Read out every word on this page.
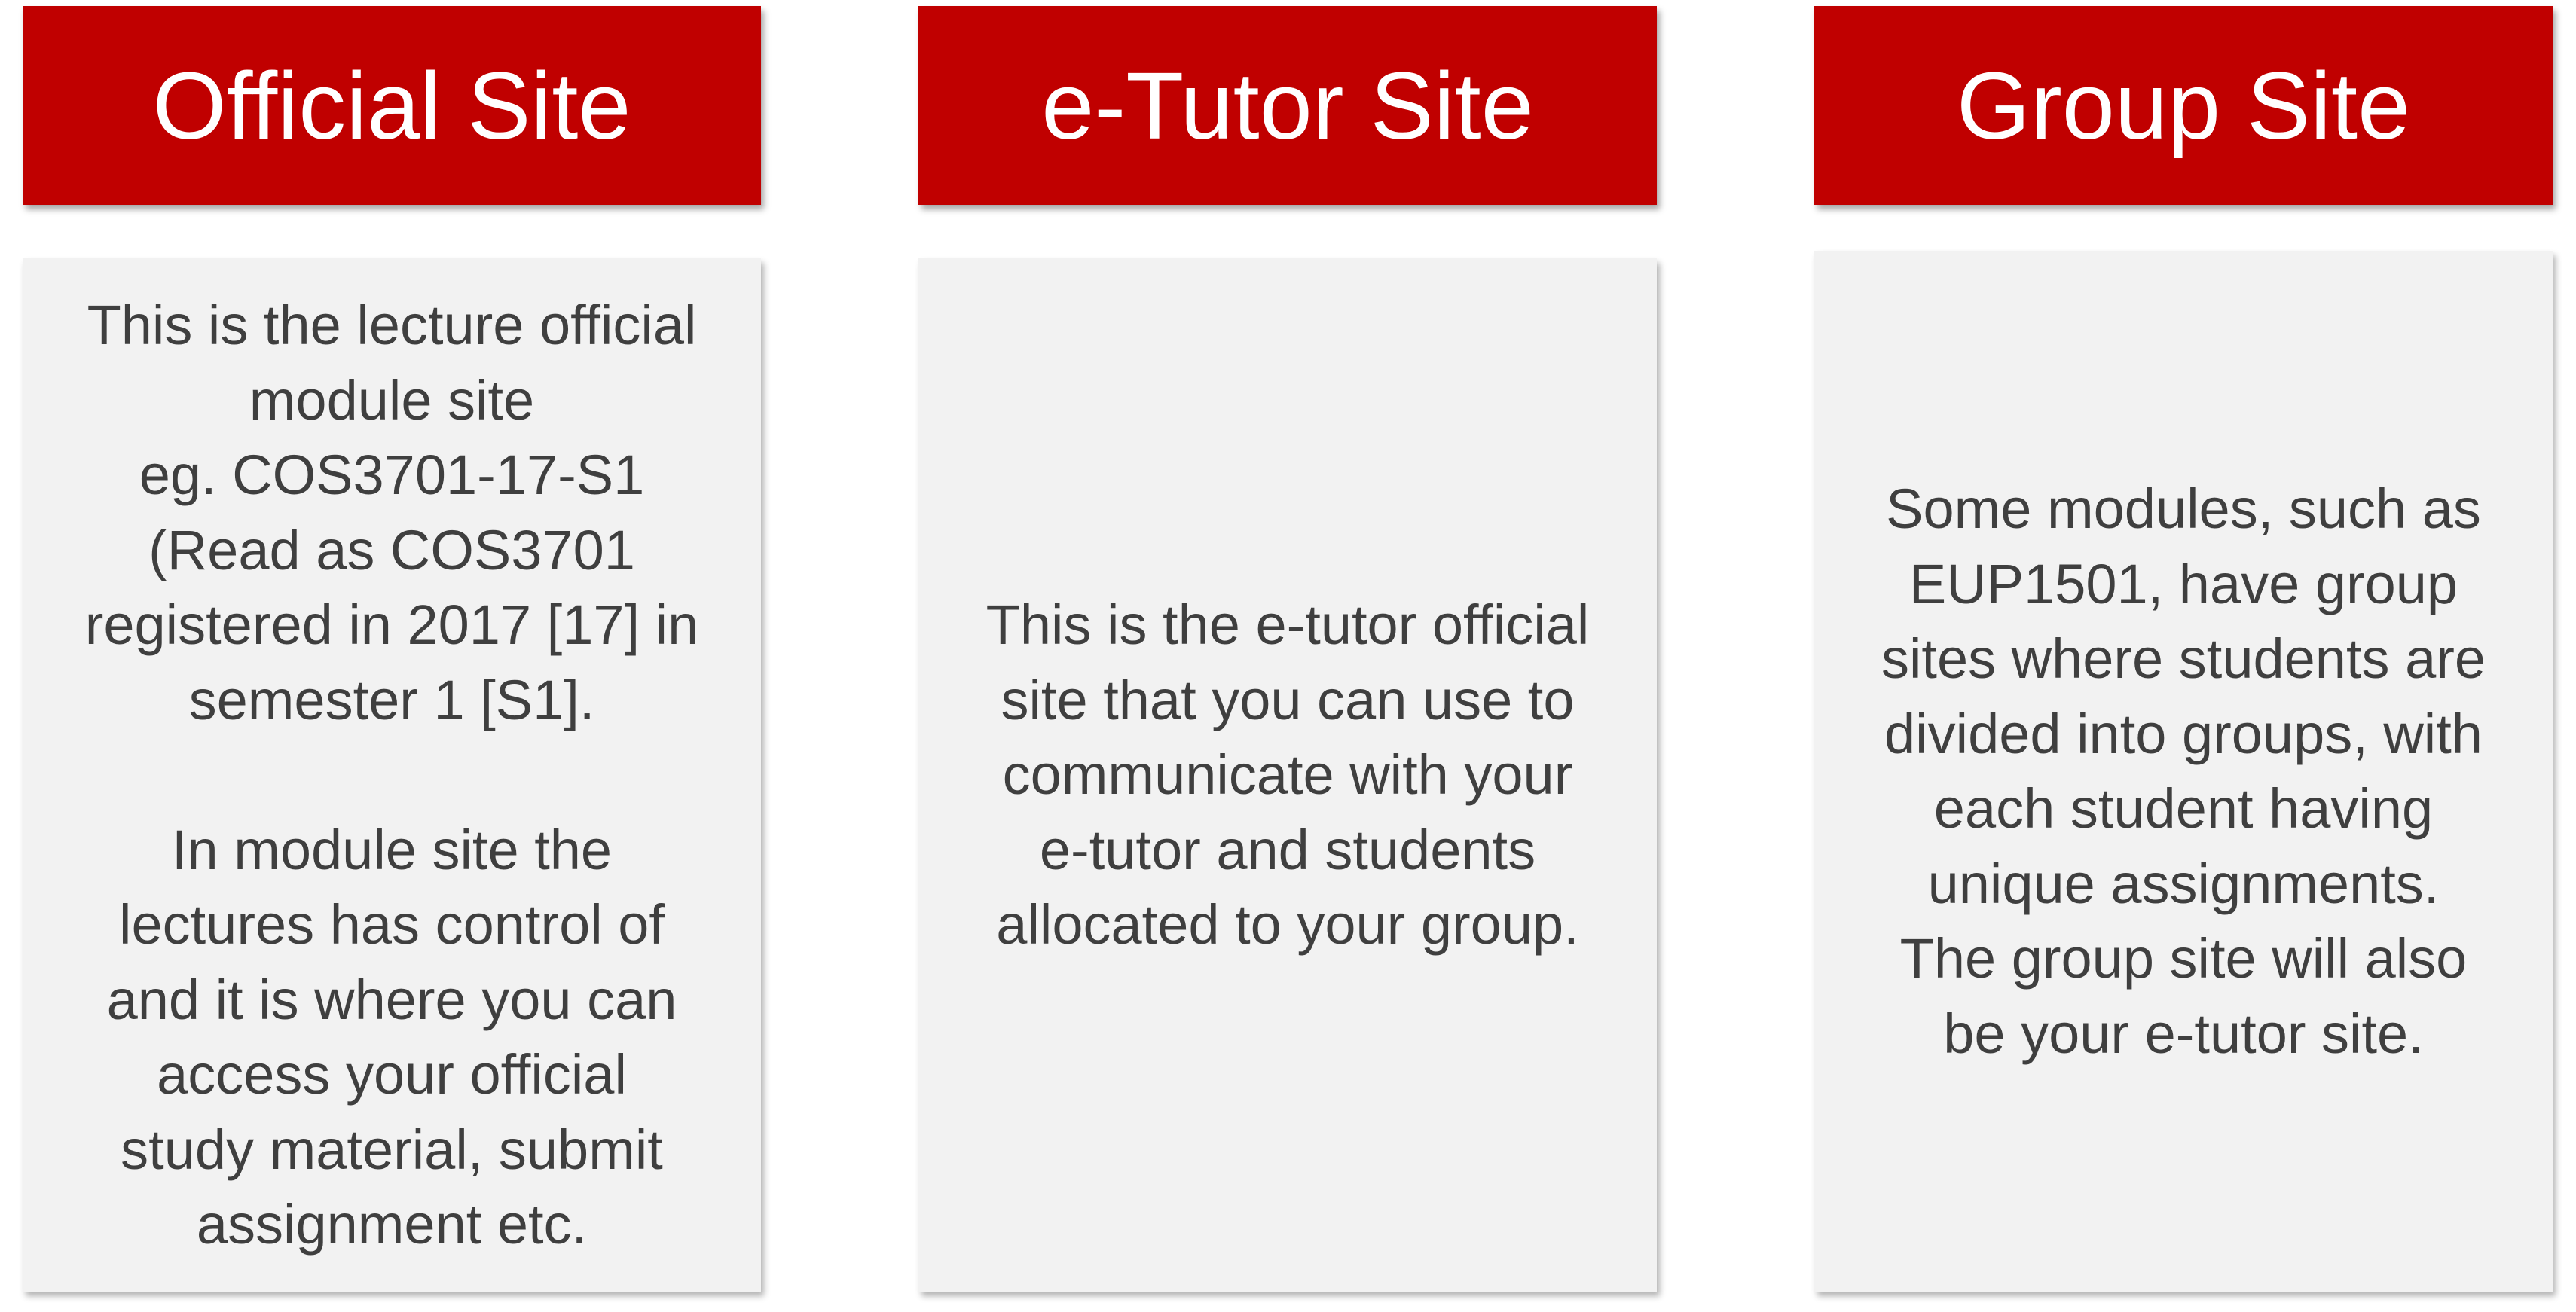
Official Site
This is the lecture official
module site
eg. COS3701-17-S1
(Read as COS3701
registered in 2017 [17] in
semester 1 [S1].
In module site the
lectures has control of
and it is where you can
access your official
study material, submit
assignment etc.
e-Tutor Site
This is the e-tutor official
site that you can use to
communicate with your
e-tutor and students
allocated to your group.
Group Site
Some modules, such as
EUP1501, have group
sites where students are
divided into groups, with
each student having
unique assignments.
The group site will also
be your e-tutor site.
